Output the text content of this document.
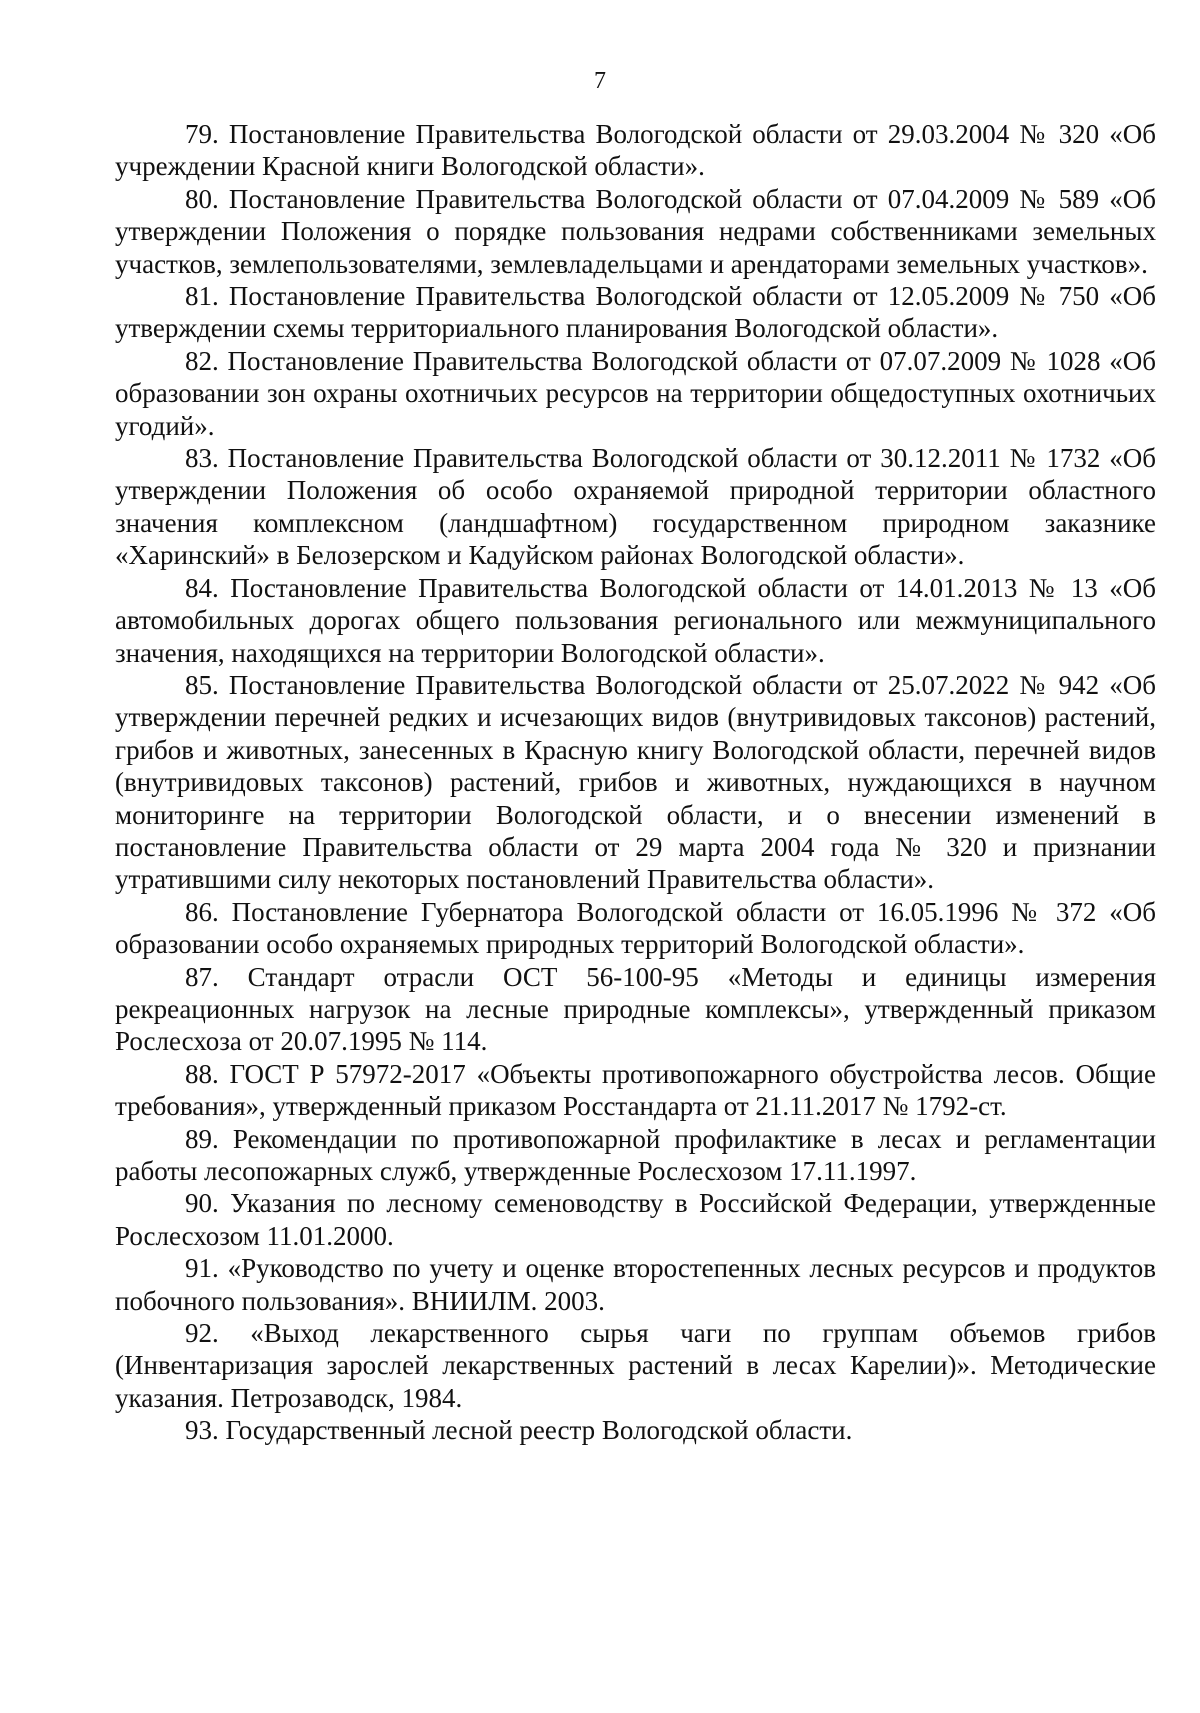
7

79. Постановление Правительства Вологодской области от 29.03.2004 № 320 «Об учреждении Красной книги Вологодской области».

80. Постановление Правительства Вологодской области от 07.04.2009 № 589 «Об утверждении Положения о порядке пользования недрами собственниками земельных участков, землепользователями, землевладельцами и арендаторами земельных участков».

81. Постановление Правительства Вологодской области от 12.05.2009 № 750 «Об утверждении схемы территориального планирования Вологодской области».

82. Постановление Правительства Вологодской области от 07.07.2009 № 1028 «Об образовании зон охраны охотничьих ресурсов на территории общедоступных охотничьих угодий».

83. Постановление Правительства Вологодской области от 30.12.2011 № 1732 «Об утверждении Положения об особо охраняемой природной территории областного значения комплексном (ландшафтном) государственном природном заказнике «Харинский» в Белозерском и Кадуйском районах Вологодской области».

84. Постановление Правительства Вологодской области от 14.01.2013 № 13 «Об автомобильных дорогах общего пользования регионального или межмуниципального значения, находящихся на территории Вологодской области».

85. Постановление Правительства Вологодской области от 25.07.2022 № 942 «Об утверждении перечней редких и исчезающих видов (внутривидовых таксонов) растений, грибов и животных, занесенных в Красную книгу Вологодской области, перечней видов (внутривидовых таксонов) растений, грибов и животных, нуждающихся в научном мониторинге на территории Вологодской области, и о внесении изменений в постановление Правительства области от 29 марта 2004 года № 320 и признании утратившими силу некоторых постановлений Правительства области».

86. Постановление Губернатора Вологодской области от 16.05.1996 № 372 «Об образовании особо охраняемых природных территорий Вологодской области».

87. Стандарт отрасли ОСТ 56-100-95 «Методы и единицы измерения рекреационных нагрузок на лесные природные комплексы», утвержденный приказом Рослесхоза от 20.07.1995 № 114.

88. ГОСТ Р 57972-2017 «Объекты противопожарного обустройства лесов. Общие требования», утвержденный приказом Росстандарта от 21.11.2017 № 1792-ст.

89. Рекомендации по противопожарной профилактике в лесах и регламентации работы лесопожарных служб, утвержденные Рослесхозом 17.11.1997.

90. Указания по лесному семеноводству в Российской Федерации, утвержденные Рослесхозом 11.01.2000.

91. «Руководство по учету и оценке второстепенных лесных ресурсов и продуктов побочного пользования». ВНИИЛМ. 2003.

92. «Выход лекарственного сырья чаги по группам объемов грибов (Инвентаризация зарослей лекарственных растений в лесах Карелии)». Методические указания. Петрозаводск, 1984.

93. Государственный лесной реестр Вологодской области.
